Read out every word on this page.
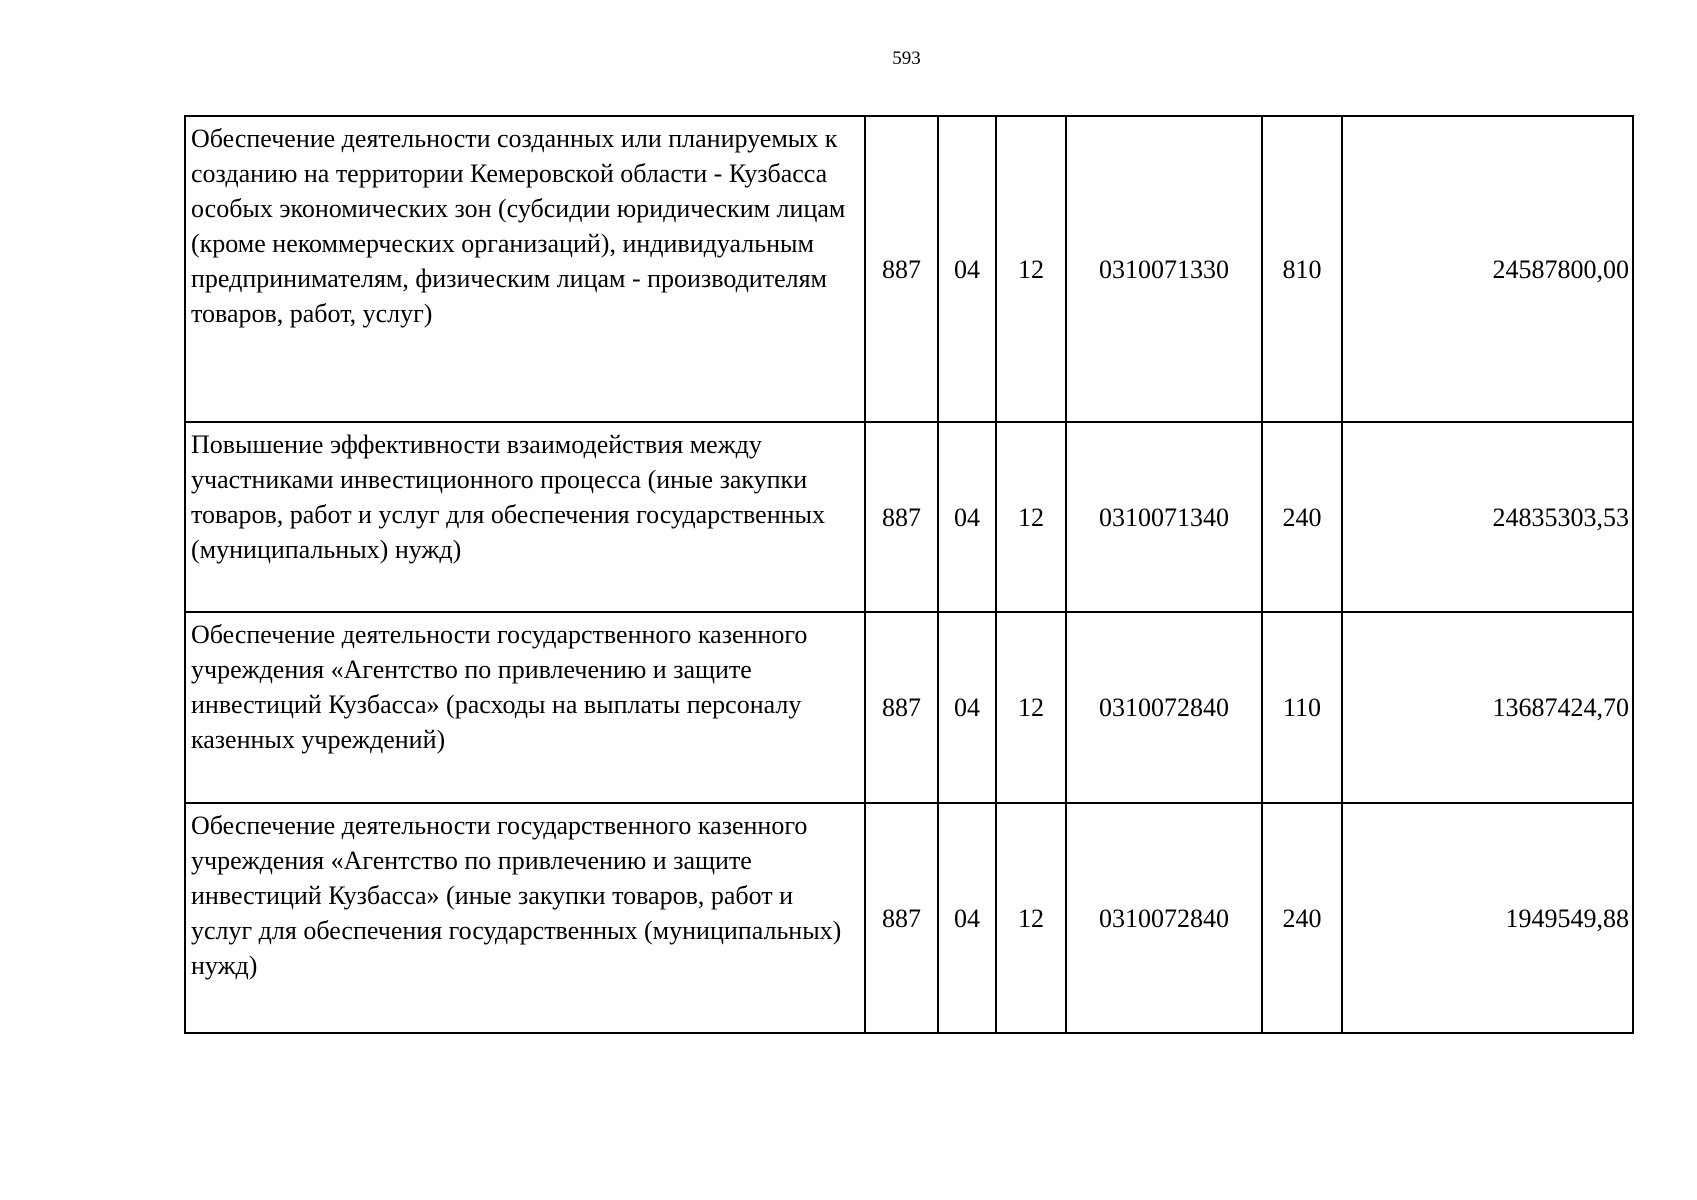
593
Обеспечение деятельности созданных или планируемых к созданию на территории Кемеровской области - Кузбасса особых экономических зон (субсидии юридическим лицам (кроме некоммерческих организаций), индивидуальным предпринимателям, физическим лицам - производителям товаров, работ, услуг)	887	04	12	0310071330	810	24587800,00
Повышение эффективности взаимодействия между участниками инвестиционного процесса (иные закупки товаров, работ и услуг для обеспечения государственных (муниципальных) нужд)	887	04	12	0310071340	240	24835303,53
Обеспечение деятельности государственного казенного учреждения «Агентство по привлечению и защите инвестиций Кузбасса» (расходы на выплаты персоналу казенных учреждений)	887	04	12	0310072840	110	13687424,70
Обеспечение деятельности государственного казенного учреждения «Агентство по привлечению и защите инвестиций Кузбасса» (иные закупки товаров, работ и услуг для обеспечения государственных (муниципальных) нужд)	887	04	12	0310072840	240	1949549,88
